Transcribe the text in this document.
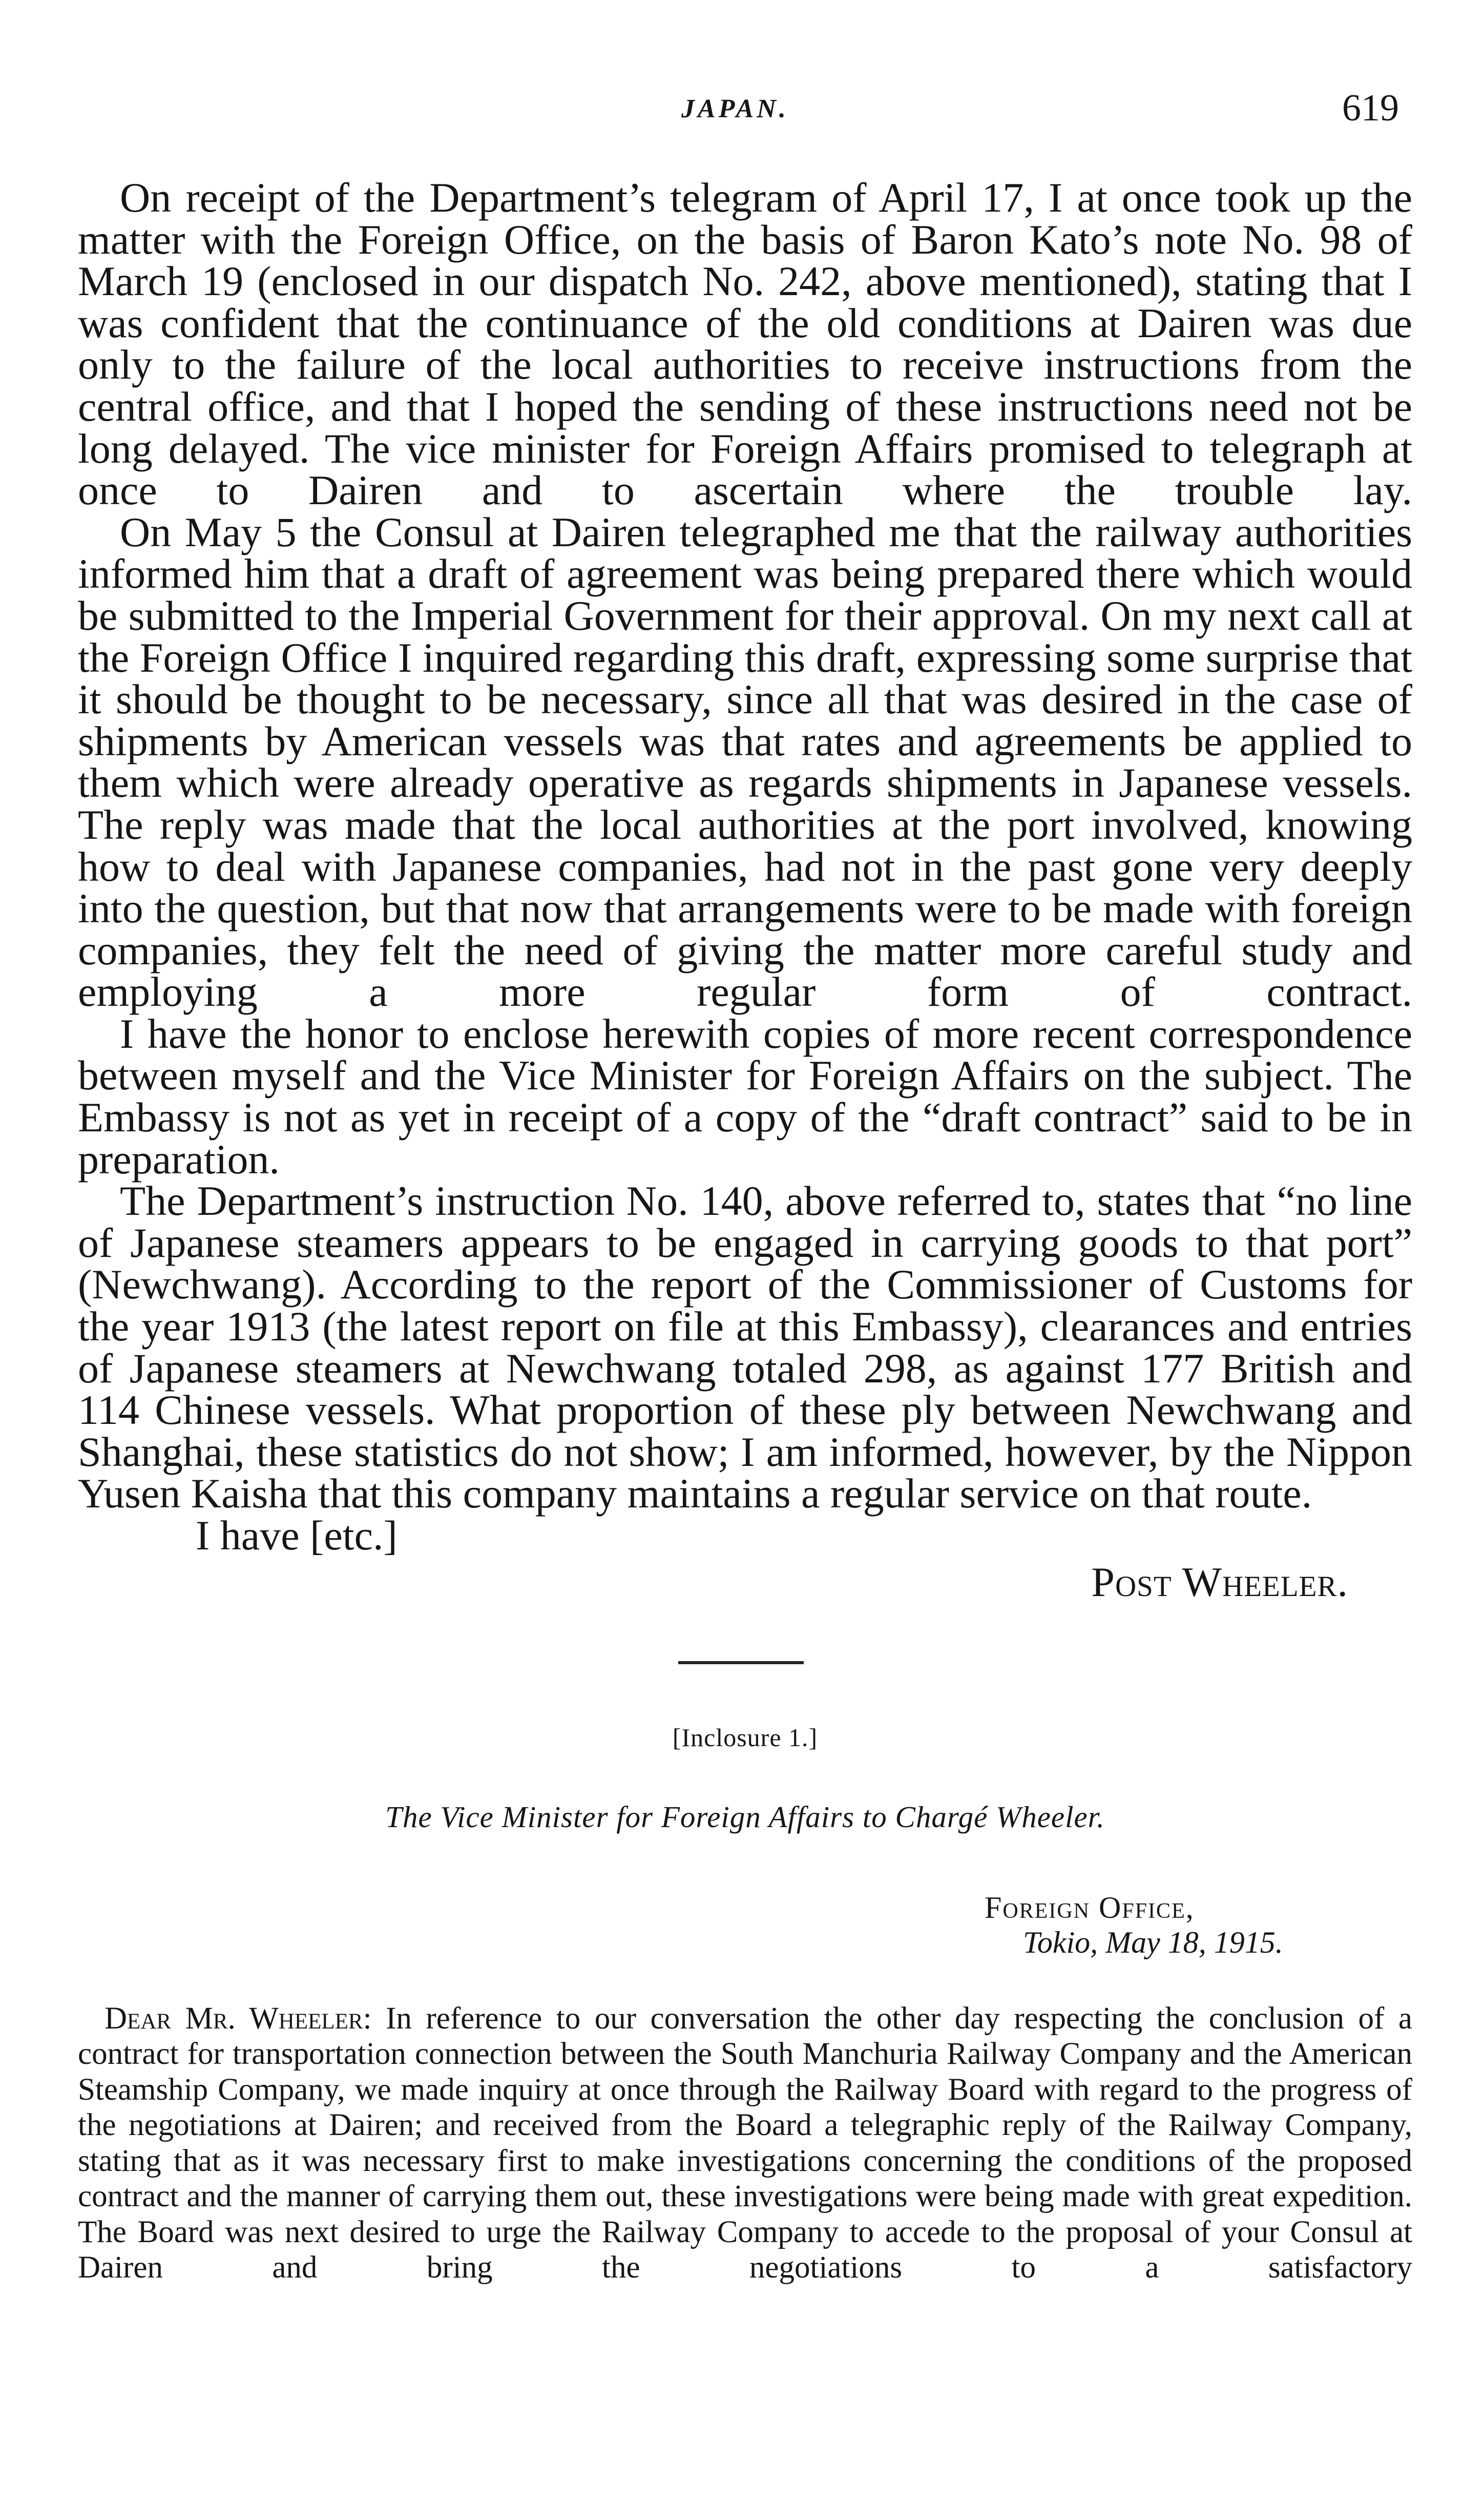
JAPAN.	619

On receipt of the Department’s telegram of April 17, I at once took up the matter with the Foreign Office, on the basis of Baron Kato’s note No. 98 of March 19 (enclosed in our dispatch No. 242, above mentioned), stating that I was confident that the continuance of the old conditions at Dairen was due only to the failure of the local authorities to receive instructions from the central office, and that I hoped the sending of these instructions need not be long delayed. The vice minister for Foreign Affairs promised to telegraph at once to Dairen and to ascertain where the trouble lay.

On May 5 the Consul at Dairen telegraphed me that the railway authorities informed him that a draft of agreement was being prepared there which would be submitted to the Imperial Government for their approval. On my next call at the Foreign Office I inquired regarding this draft, expressing some surprise that it should be thought to be necessary, since all that was desired in the case of shipments by American vessels was that rates and agreements be applied to them which were already operative as regards shipments in Japanese vessels. The reply was made that the local authorities at the port involved, knowing how to deal with Japanese companies, had not in the past gone very deeply into the question, but that now that arrangements were to be made with foreign companies, they felt the need of giving the matter more careful study and employing a more regular form of contract.

I have the honor to enclose herewith copies of more recent correspondence between myself and the Vice Minister for Foreign Affairs on the subject. The Embassy is not as yet in receipt of a copy of the “draft contract” said to be in preparation.

The Department’s instruction No. 140, above referred to, states that “no line of Japanese steamers appears to be engaged in carrying goods to that port” (Newchwang). According to the report of the Commissioner of Customs for the year 1913 (the latest report on file at this Embassy), clearances and entries of Japanese steamers at Newchwang totaled 298, as against 177 British and 114 Chinese vessels. What proportion of these ply between Newchwang and Shanghai, these statistics do not show; I am informed, however, by the Nippon Yusen Kaisha that this company maintains a regular service on that route.

I have [etc.]

Post Wheeler.

[Inclosure 1.]

The Vice Minister for Foreign Affairs to Chargé Wheeler.

Foreign Office,
Tokio, May 18, 1915.

Dear Mr. Wheeler: In reference to our conversation the other day respecting the conclusion of a contract for transportation connection between the South Manchuria Railway Company and the American Steamship Company, we made inquiry at once through the Railway Board with regard to the progress of the negotiations at Dairen; and received from the Board a telegraphic reply of the Railway Company, stating that as it was necessary first to make investigations concerning the conditions of the proposed contract and the manner of carrying them out, these investigations were being made with great expedition. The Board was next desired to urge the Railway Company to accede to the proposal of your Consul at Dairen and bring the negotiations to a satisfactory
